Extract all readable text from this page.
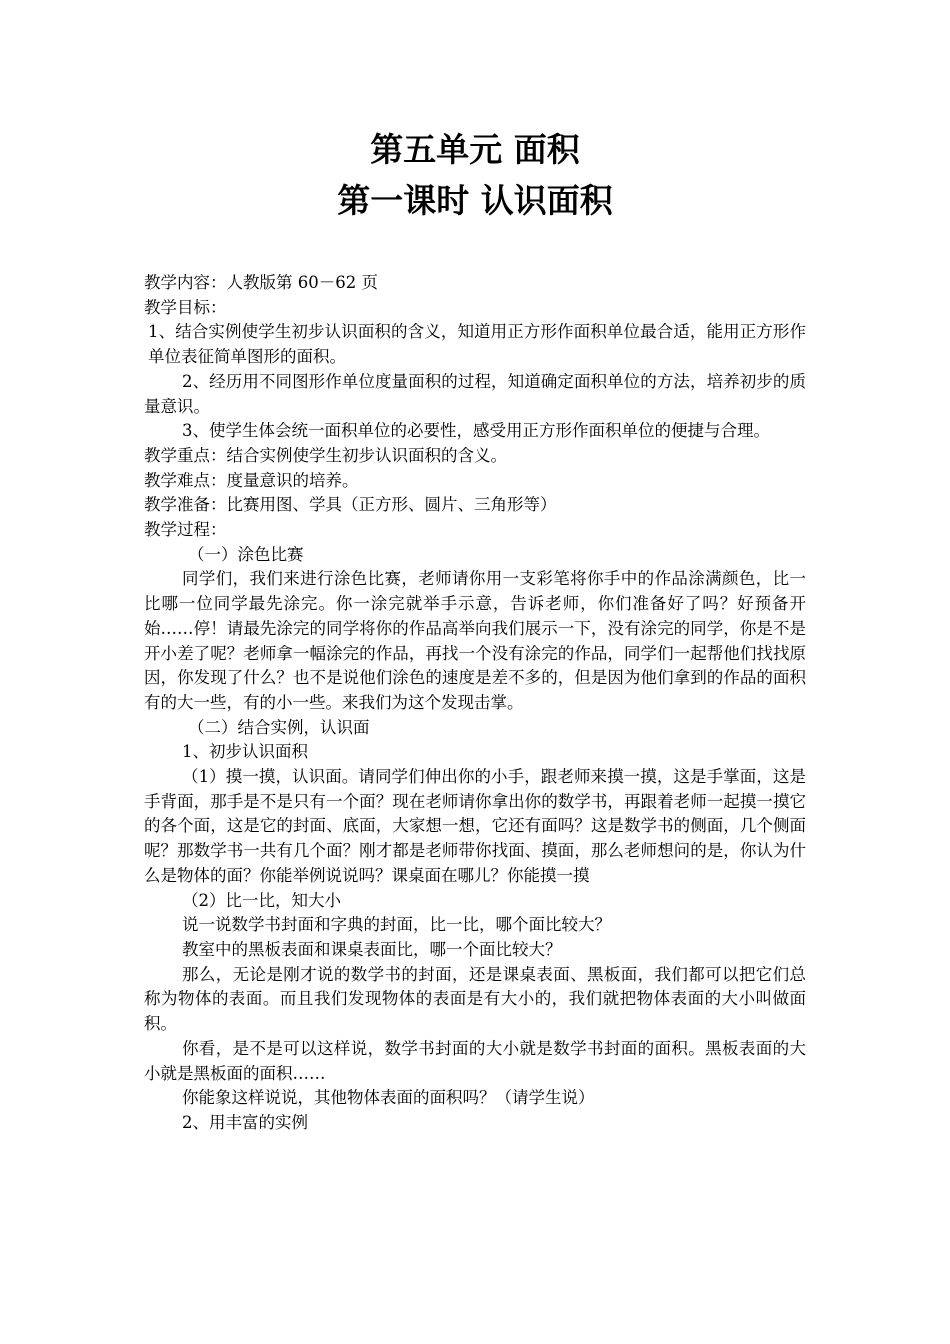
第五单元 面积
第一课时 认识面积

教学内容：人教版第 60－62 页

教学目标：

1、结合实例使学生初步认识面积的含义，知道用正方形作面积单位最合适，能用正方形作单位表征简单图形的面积。

2、经历用不同图形作单位度量面积的过程，知道确定面积单位的方法，培养初步的质量意识。

3、使学生体会统一面积单位的必要性，感受用正方形作面积单位的便捷与合理。

教学重点：结合实例使学生初步认识面积的含义。

教学难点：度量意识的培养。

教学准备：比赛用图、学具（正方形、圆片、三角形等）

教学过程：

（一）涂色比赛

同学们，我们来进行涂色比赛，老师请你用一支彩笔将你手中的作品涂满颜色，比一比哪一位同学最先涂完。你一涂完就举手示意，告诉老师，你们准备好了吗？好预备开始……停！请最先涂完的同学将你的作品高举向我们展示一下，没有涂完的同学，你是不是开小差了呢？老师拿一幅涂完的作品，再找一个没有涂完的作品，同学们一起帮他们找找原因，你发现了什么？也不是说他们涂色的速度是差不多的，但是因为他们拿到的作品的面积有的大一些，有的小一些。来我们为这个发现击掌。

（二）结合实例，认识面

1、初步认识面积

（1）摸一摸，认识面。请同学们伸出你的小手，跟老师来摸一摸，这是手掌面，这是手背面，那手是不是只有一个面？现在老师请你拿出你的数学书，再跟着老师一起摸一摸它的各个面，这是它的封面、底面，大家想一想，它还有面吗？这是数学书的侧面，几个侧面呢？那数学书一共有几个面？刚才都是老师带你找面、摸面，那么老师想问的是，你认为什么是物体的面？你能举例说说吗？课桌面在哪儿？你能摸一摸

（2）比一比，知大小

说一说数学书封面和字典的封面，比一比，哪个面比较大？

教室中的黑板表面和课桌表面比，哪一个面比较大？

那么，无论是刚才说的数学书的封面，还是课桌表面、黑板面，我们都可以把它们总称为物体的表面。而且我们发现物体的表面是有大小的，我们就把物体表面的大小叫做面积。

你看，是不是可以这样说，数学书封面的大小就是数学书封面的面积。黑板表面的大小就是黑板面的面积……

你能象这样说说，其他物体表面的面积吗？（请学生说）

2、用丰富的实例
